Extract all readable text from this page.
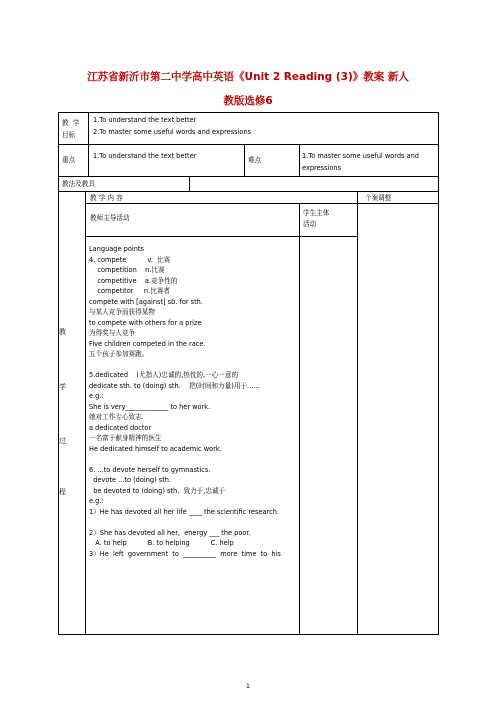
江苏省新沂市第二中学高中英语《Unit 2 Reading (3)》教案 新人
教版选修6
教  学
目标
1.To understand the text better
2.To master some useful words and expressions
重点	1.To understand the text better	难点	1.To master some useful words and
expressions
教法及教具
教 学 内 容	个案调整
教师主导活动
学生主体
活动
教
学
过
程
Language points
4. compete          v.  比赛
competition    n.比赛
competitive    a.竞争性的
competitor     n.比赛者
compete with [against] sb. for sth.
与某人竞争而获得某物
to compete with others for a prize
为得奖与人竞争
Five children competed in the race.
五个孩子参加赛跑。
5.dedicated    (尤指人)忠诚的,热忱的,一心一意的
dedicate sth. to (doing) sth.    把(时间和力量)用于......
e.g.:
She is very_____________ to her work.
她对工作专心致志.
a dedicated doctor
一名富于献身精神的医生
He dedicated himself to academic work.
6. ...to devote herself to gymnastics.
devote ...to (doing) sth.
be devoted to (doing) sth.  致力于,忠诚于
e.g.:
1）He has devoted all her life ____ the scientific research.
2）She has devoted all her,  energy ___ the poor.
A. to help          B. to helping          C. help
3）He  left  government  to  __________  more  time  to  his
1
